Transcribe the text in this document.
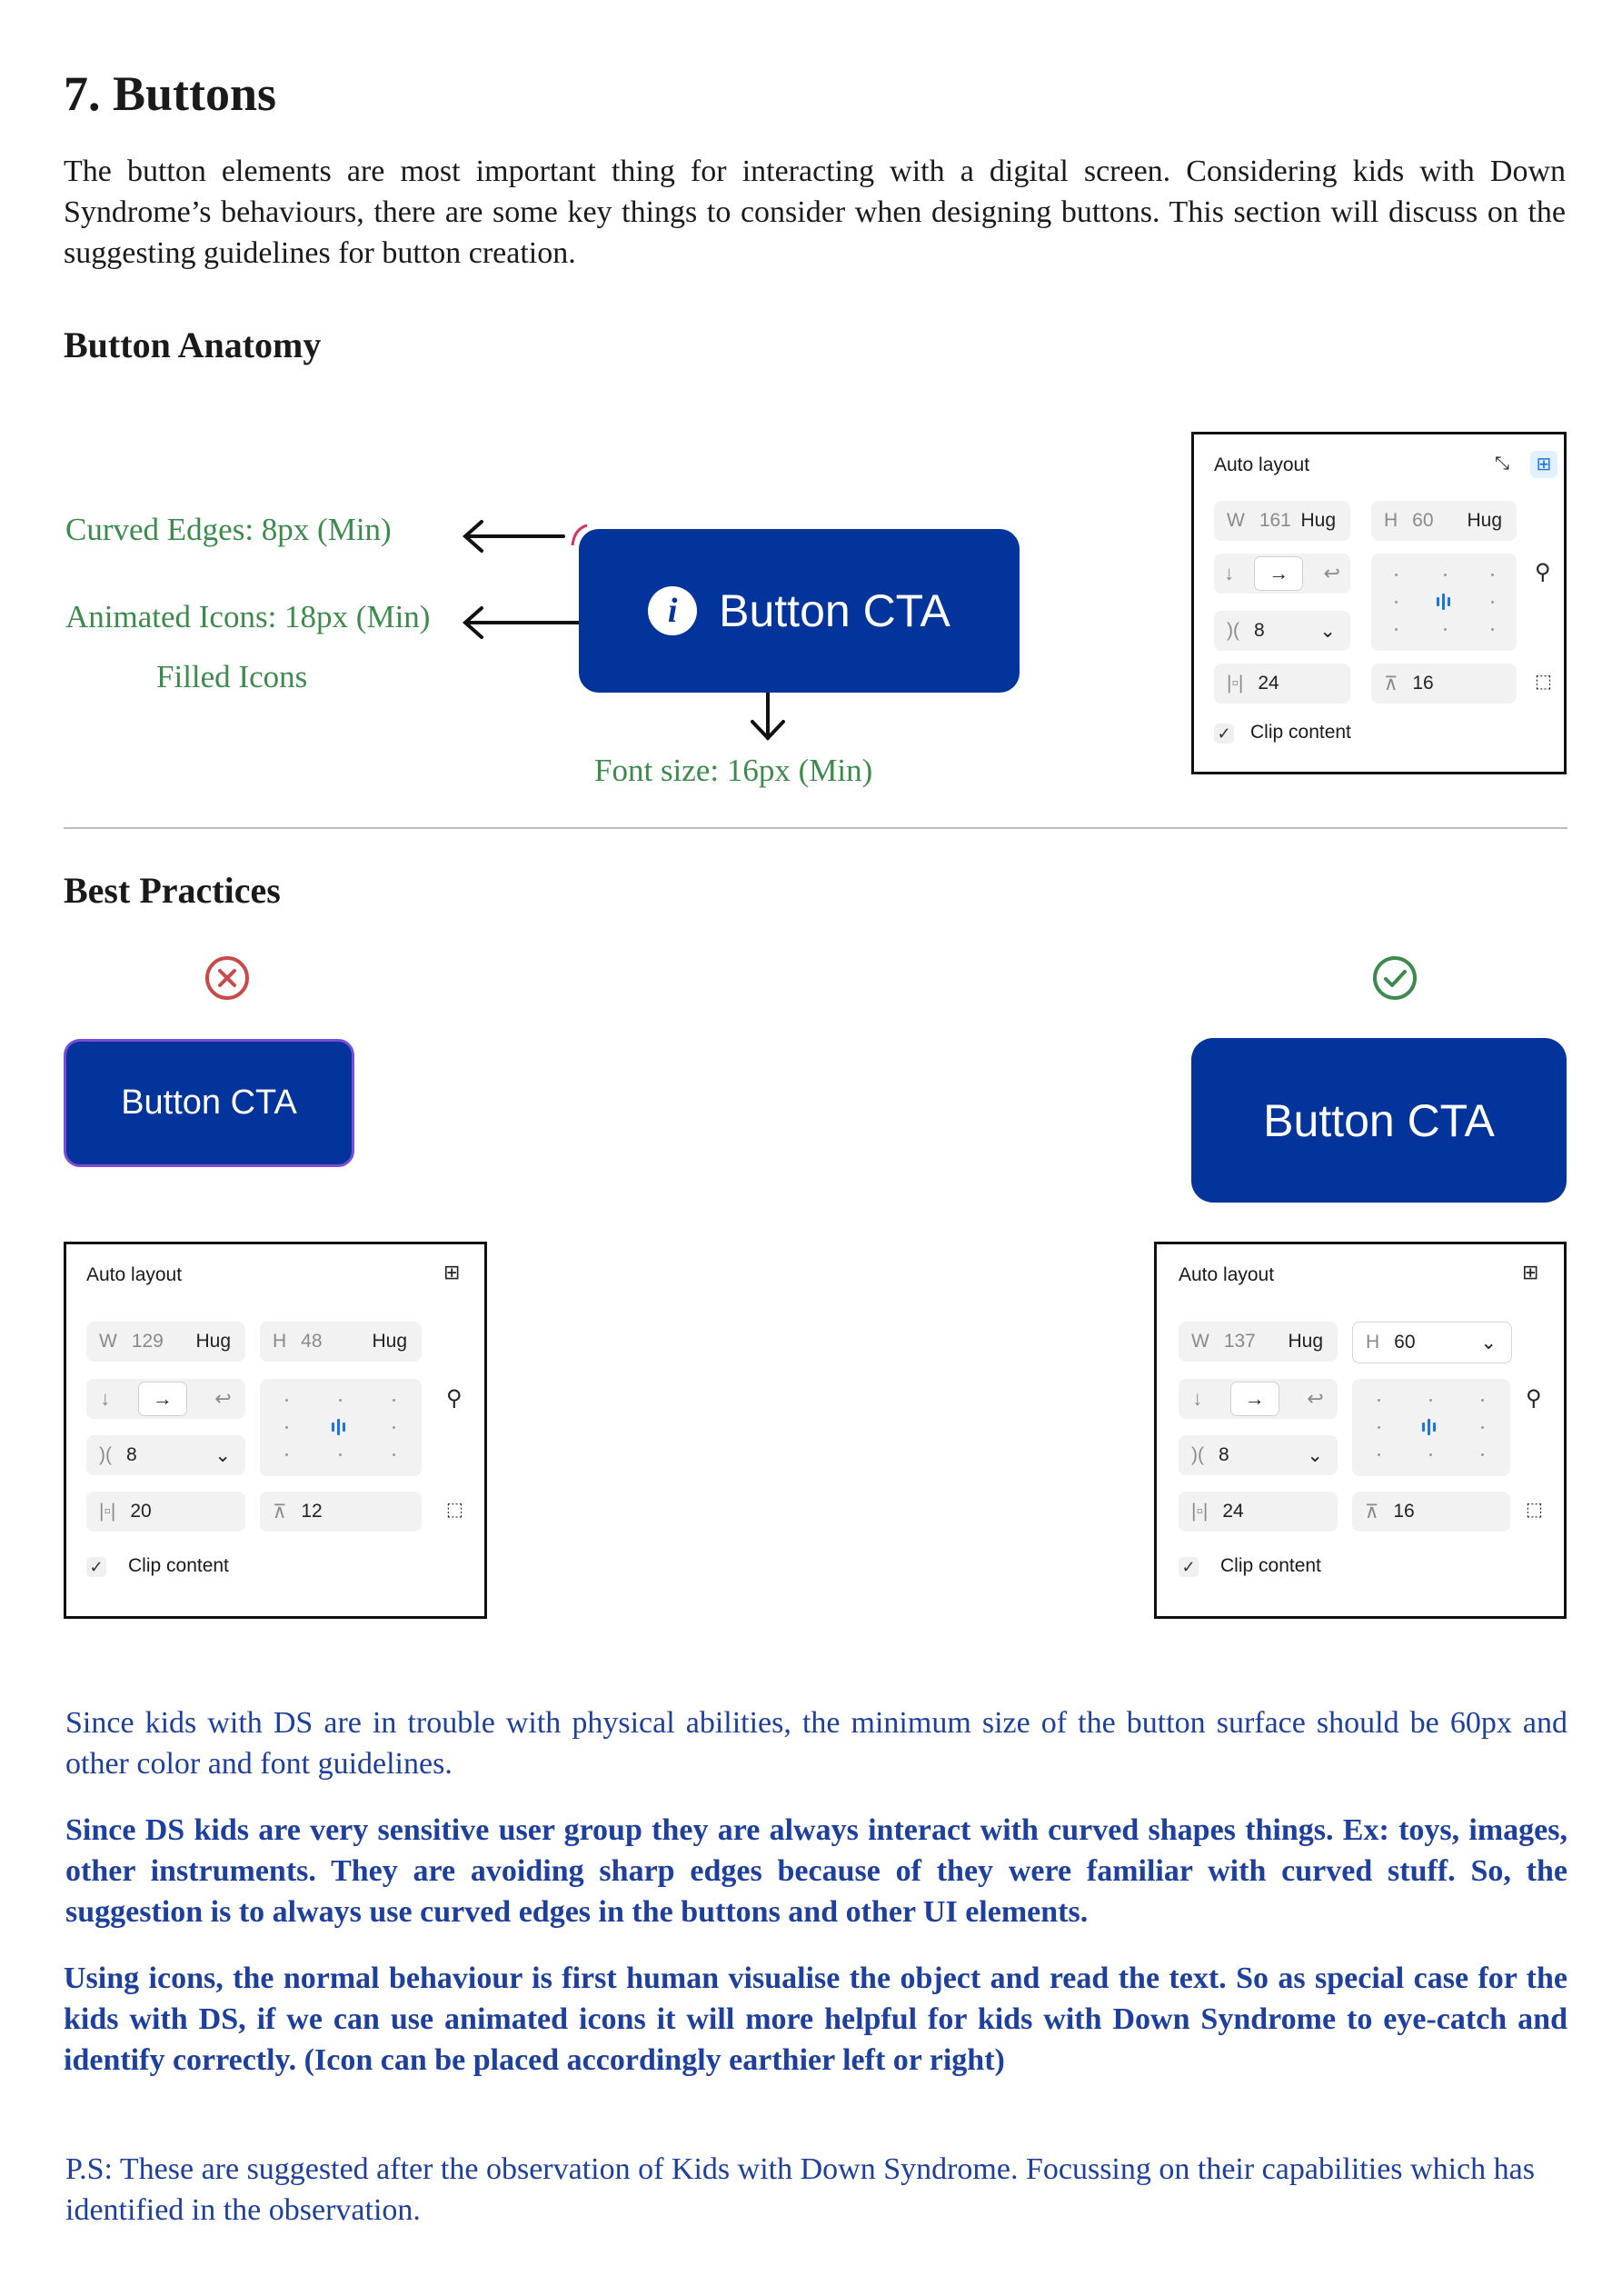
7. Buttons
The button elements are most important thing for interacting with a digital screen. Considering kids with Down Syndrome’s behaviours, there are some key things to consider when designing buttons. This section will discuss on the suggesting guidelines for button creation.
Button Anatomy
Curved Edges: 8px (Min)
Animated Icons: 18px (Min)
Filled Icons
Font size: 16px (Min)
i Button CTA
Auto layout	⤡	⊞
W 161 Hug	H 60 Hug
↓	→	↩
)( 8	⌄
⚲
|▫| 24	⊼ 16	⬚
✓ Clip content
Best Practices
Button CTA	Button CTA
Auto layout	⊞
W 129 Hug H 48	Hug
↓	→	↩
)( 8	⌄
⚲
|▫| 20	⊼ 12	⬚
✓ Clip content
Auto layout	⊞
W 137 Hug H 60	⌄
↓	→	↩
)( 8	⌄
⚲
|▫| 24	⊼ 16	⬚
✓ Clip content
Since kids with DS are in trouble with physical abilities, the minimum size of the button surface should be 60px and other color and font guidelines.
Since DS kids are very sensitive user group they are always interact with curved shapes things. Ex: toys, images, other instruments. They are avoiding sharp edges because of they were familiar with curved stuff. So, the suggestion is to always use curved edges in the buttons and other UI elements.
Using icons, the normal behaviour is first human visualise the object and read the text. So as special case for the kids with DS, if we can use animated icons it will more helpful for kids with Down Syndrome to eye-catch and identify correctly. (Icon can be placed accordingly earthier left or right)
P.S: These are suggested after the observation of Kids with Down Syndrome. Focussing on their capabilities which has identified in the observation.
